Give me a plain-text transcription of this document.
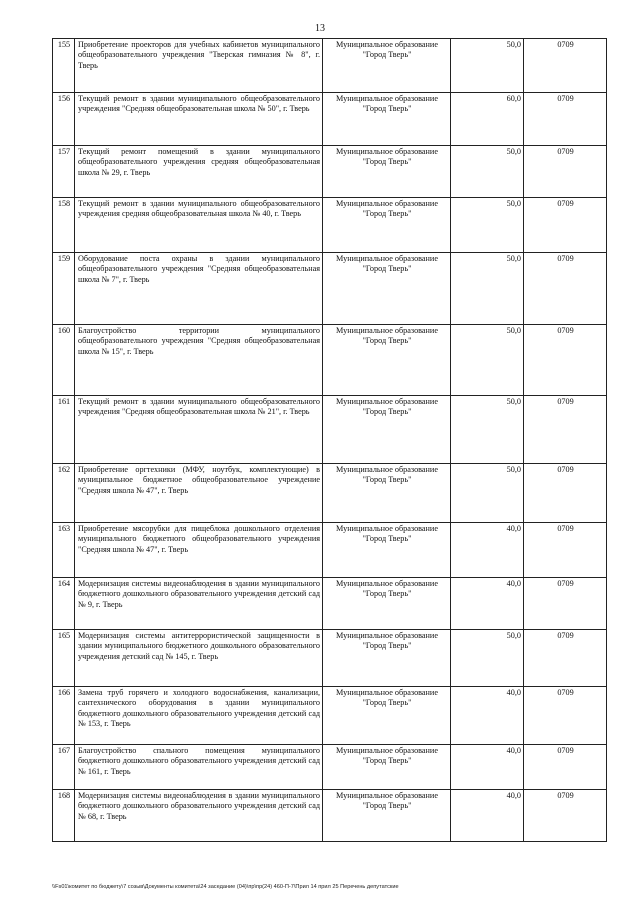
13
155	Приобретение проекторов для учебных кабинетов муниципального общеобразовательного учреждения "Тверская гимназия № 8", г. Тверь	Муниципальное образование "Город Тверь"	50,0	0709
156	Текущий ремонт в здании муниципального общеобразовательного учреждения "Средняя общеобразовательная школа № 50", г. Тверь	Муниципальное образование "Город Тверь"	60,0	0709
157	Текущий ремонт помещений в здании муниципального общеобразовательного учреждения средняя общеобразовательная школа № 29, г. Тверь	Муниципальное образование "Город Тверь"	50,0	0709
158	Текущий ремонт в здании муниципального общеобразовательного учреждения средняя общеобразовательная школа № 40, г. Тверь	Муниципальное образование "Город Тверь"	50,0	0709
159	Оборудование поста охраны в здании муниципального общеобразовательного учреждения "Средняя общеобразовательная школа № 7", г. Тверь	Муниципальное образование "Город Тверь"	50,0	0709
160	Благоустройство территории муниципального общеобразовательного учреждения "Средняя общеобразовательная школа № 15", г. Тверь	Муниципальное образование "Город Тверь"	50,0	0709
161	Текущий ремонт в здании муниципального общеобразовательного учреждения "Средняя общеобразовательная школа № 21", г. Тверь	Муниципальное образование "Город Тверь"	50,0	0709
162	Приобретение оргтехники (МФУ, ноутбук, комплектующие) в муниципальное бюджетное общеобразовательное учреждение "Средняя школа № 47", г. Тверь	Муниципальное образование "Город Тверь"	50,0	0709
163	Приобретение мясорубки для пищеблока дошкольного отделения муниципального бюджетного общеобразовательного учреждения "Средняя школа № 47", г. Тверь	Муниципальное образование "Город Тверь"	40,0	0709
164	Модернизация системы видеонаблюдения в здании муниципального бюджетного дошкольного образовательного учреждения детский сад № 9, г. Тверь	Муниципальное образование "Город Тверь"	40,0	0709
165	Модернизация системы антитеррористической защищенности в здании муниципального бюджетного дошкольного образовательного учреждения детский сад № 145, г. Тверь	Муниципальное образование "Город Тверь"	50,0	0709
166	Замена труб горячего и холодного водоснабжения, канализации, сантехнического оборудования в здании муниципального бюджетного дошкольного образовательного учреждения детский сад № 153, г. Тверь	Муниципальное образование "Город Тверь"	40,0	0709
167	Благоустройство спального помещения муниципального бюджетного дошкольного образовательного учреждения детский сад № 161, г. Тверь	Муниципальное образование "Город Тверь"	40,0	0709
168	Модернизация системы видеонаблюдения в здании муниципального бюджетного дошкольного образовательного учреждения детский сад № 68, г. Тверь	Муниципальное образование "Город Тверь"	40,0	0709
\\Fs01\комитет по бюджету\7 созыв\Документы комитета\24 заседание (04)\пр\пр(24) 460-П-7\Прил 14 прил 25 Перечень депутатские
